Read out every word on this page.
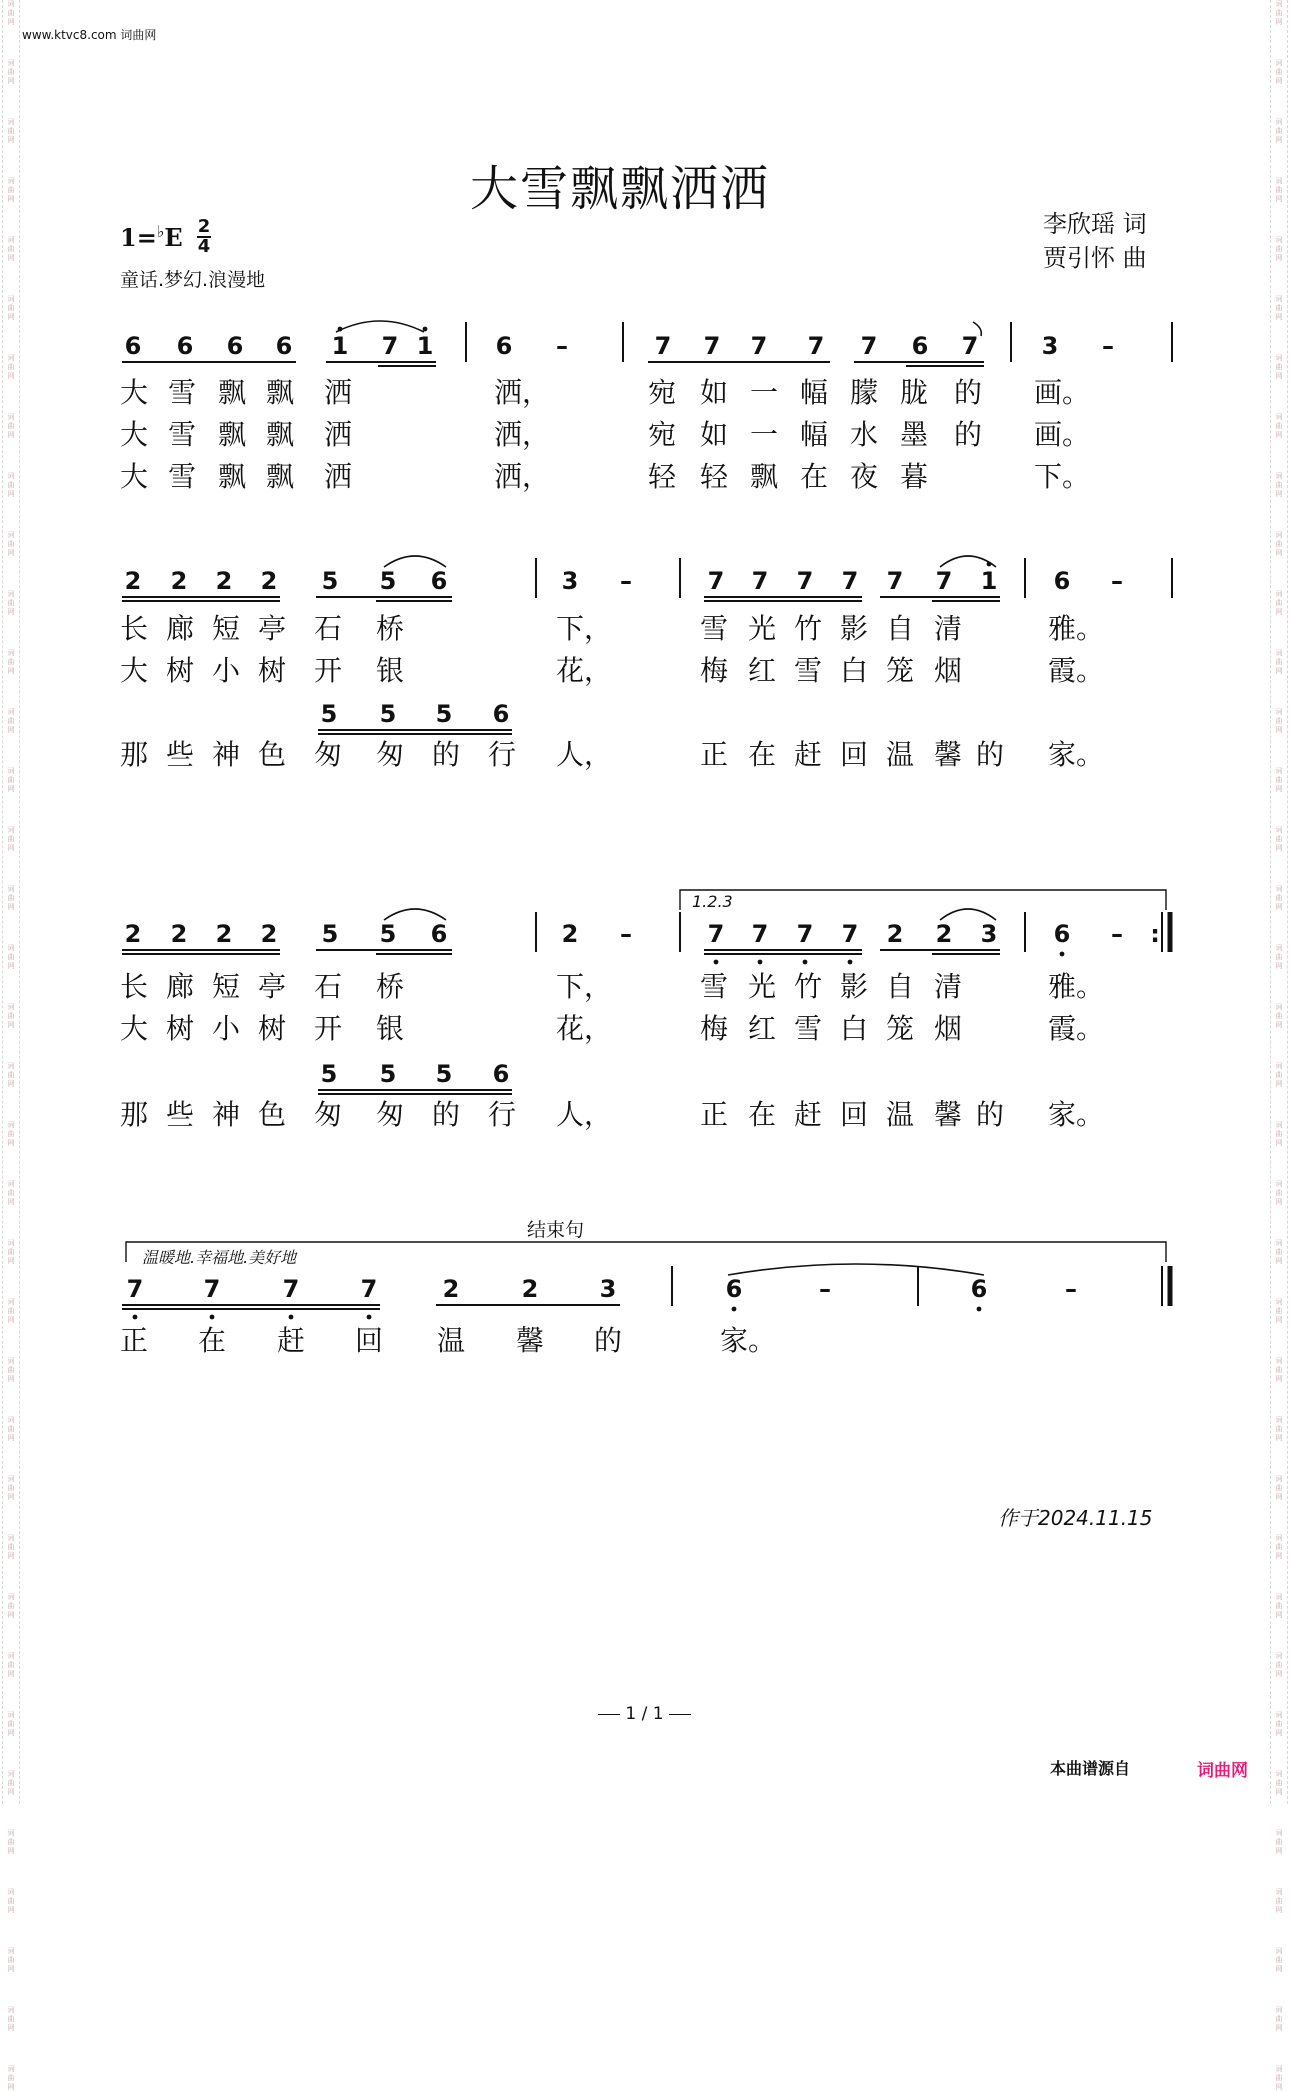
词
曲
网
词
曲
网
词
曲
网
词
曲
网
词
曲
网
词
曲
网
词
曲
网
词
曲
网
词
曲
网
词
曲
网
词
曲
网
词
曲
网
词
曲
网
词
曲
网
词
曲
网
词
曲
网
词
曲
网
词
曲
网
词
曲
网
词
曲
网
词
曲
网
词
曲
网
词
曲
网
词
曲
网
词
曲
网
词
曲
网
词
曲
网
词
曲
网
词
曲
网
词
曲
网
词
曲
网
词
曲
网
词
曲
网
词
曲
网
词
曲
网
词
曲
网
词
曲
网
词
曲
网
词
曲
网
词
曲
网
词
曲
网
词
曲
网
词
曲
网
词
曲
网
词
曲
网
词
曲
网
词
曲
网
词
曲
网
词
曲
网
词
曲
网
词
曲
网
词
曲
网
词
曲
网
词
曲
网
词
曲
网
词
曲
网
词
曲
网
词
曲
网
词
曲
网
词
曲
网
词
曲
网
词
曲
网
词
曲
网
词
曲
网
词
曲
网
词
曲
网
词
曲
网
词
曲
网
词
曲
网
词
曲
网
词
曲
网
词
曲
网
www.ktvc8.com 词曲网
大雪飘飘洒洒
李欣瑶 词
贾引怀 曲
1=♭E 2
4
童话.梦幻.浪漫地
结束句
温暖地.幸福地.美好地
1.2.3
作于2024.11.15
1 / 1
本曲谱源自	词曲网
6 6 6 6 1 7 1	6 –	7 7 7 7 7 6 7	3 –
2 2 2 2 5 5 6	3 –	7 7 7 7 7 7 1 6 –
5 5 5 6
2 2 2 2 5 5 6	2 –	7 7 7 7 2 2 3 6 – :
5 5 5 6
7	7	7	7	2	2	3	6	–	6	–
大 雪 飘 飘 洒	洒，	宛 如 一 幅 朦 胧 的 画。
大 雪 飘 飘 洒	洒，	宛 如 一 幅 水 墨 的 画。
大 雪 飘 飘 洒	洒，	轻 轻 飘 在 夜 暮	下。
长 廊 短 亭 石 桥	下，	雪 光 竹 影 自 清	雅。
大 树 小 树 开 银	花，	梅 红 雪 白 笼 烟	霞。
那 些 神 色 匆 匆 的 行 人，	正 在 赶 回 温 馨 的 家。
长 廊 短 亭 石 桥	下，	雪 光 竹 影 自 清	雅。
大 树 小 树 开 银	花，	梅 红 雪 白 笼 烟	霞。
那 些 神 色 匆 匆 的 行 人，	正 在 赶 回 温 馨 的 家。
正 在 赶 回 温 馨 的	家。
